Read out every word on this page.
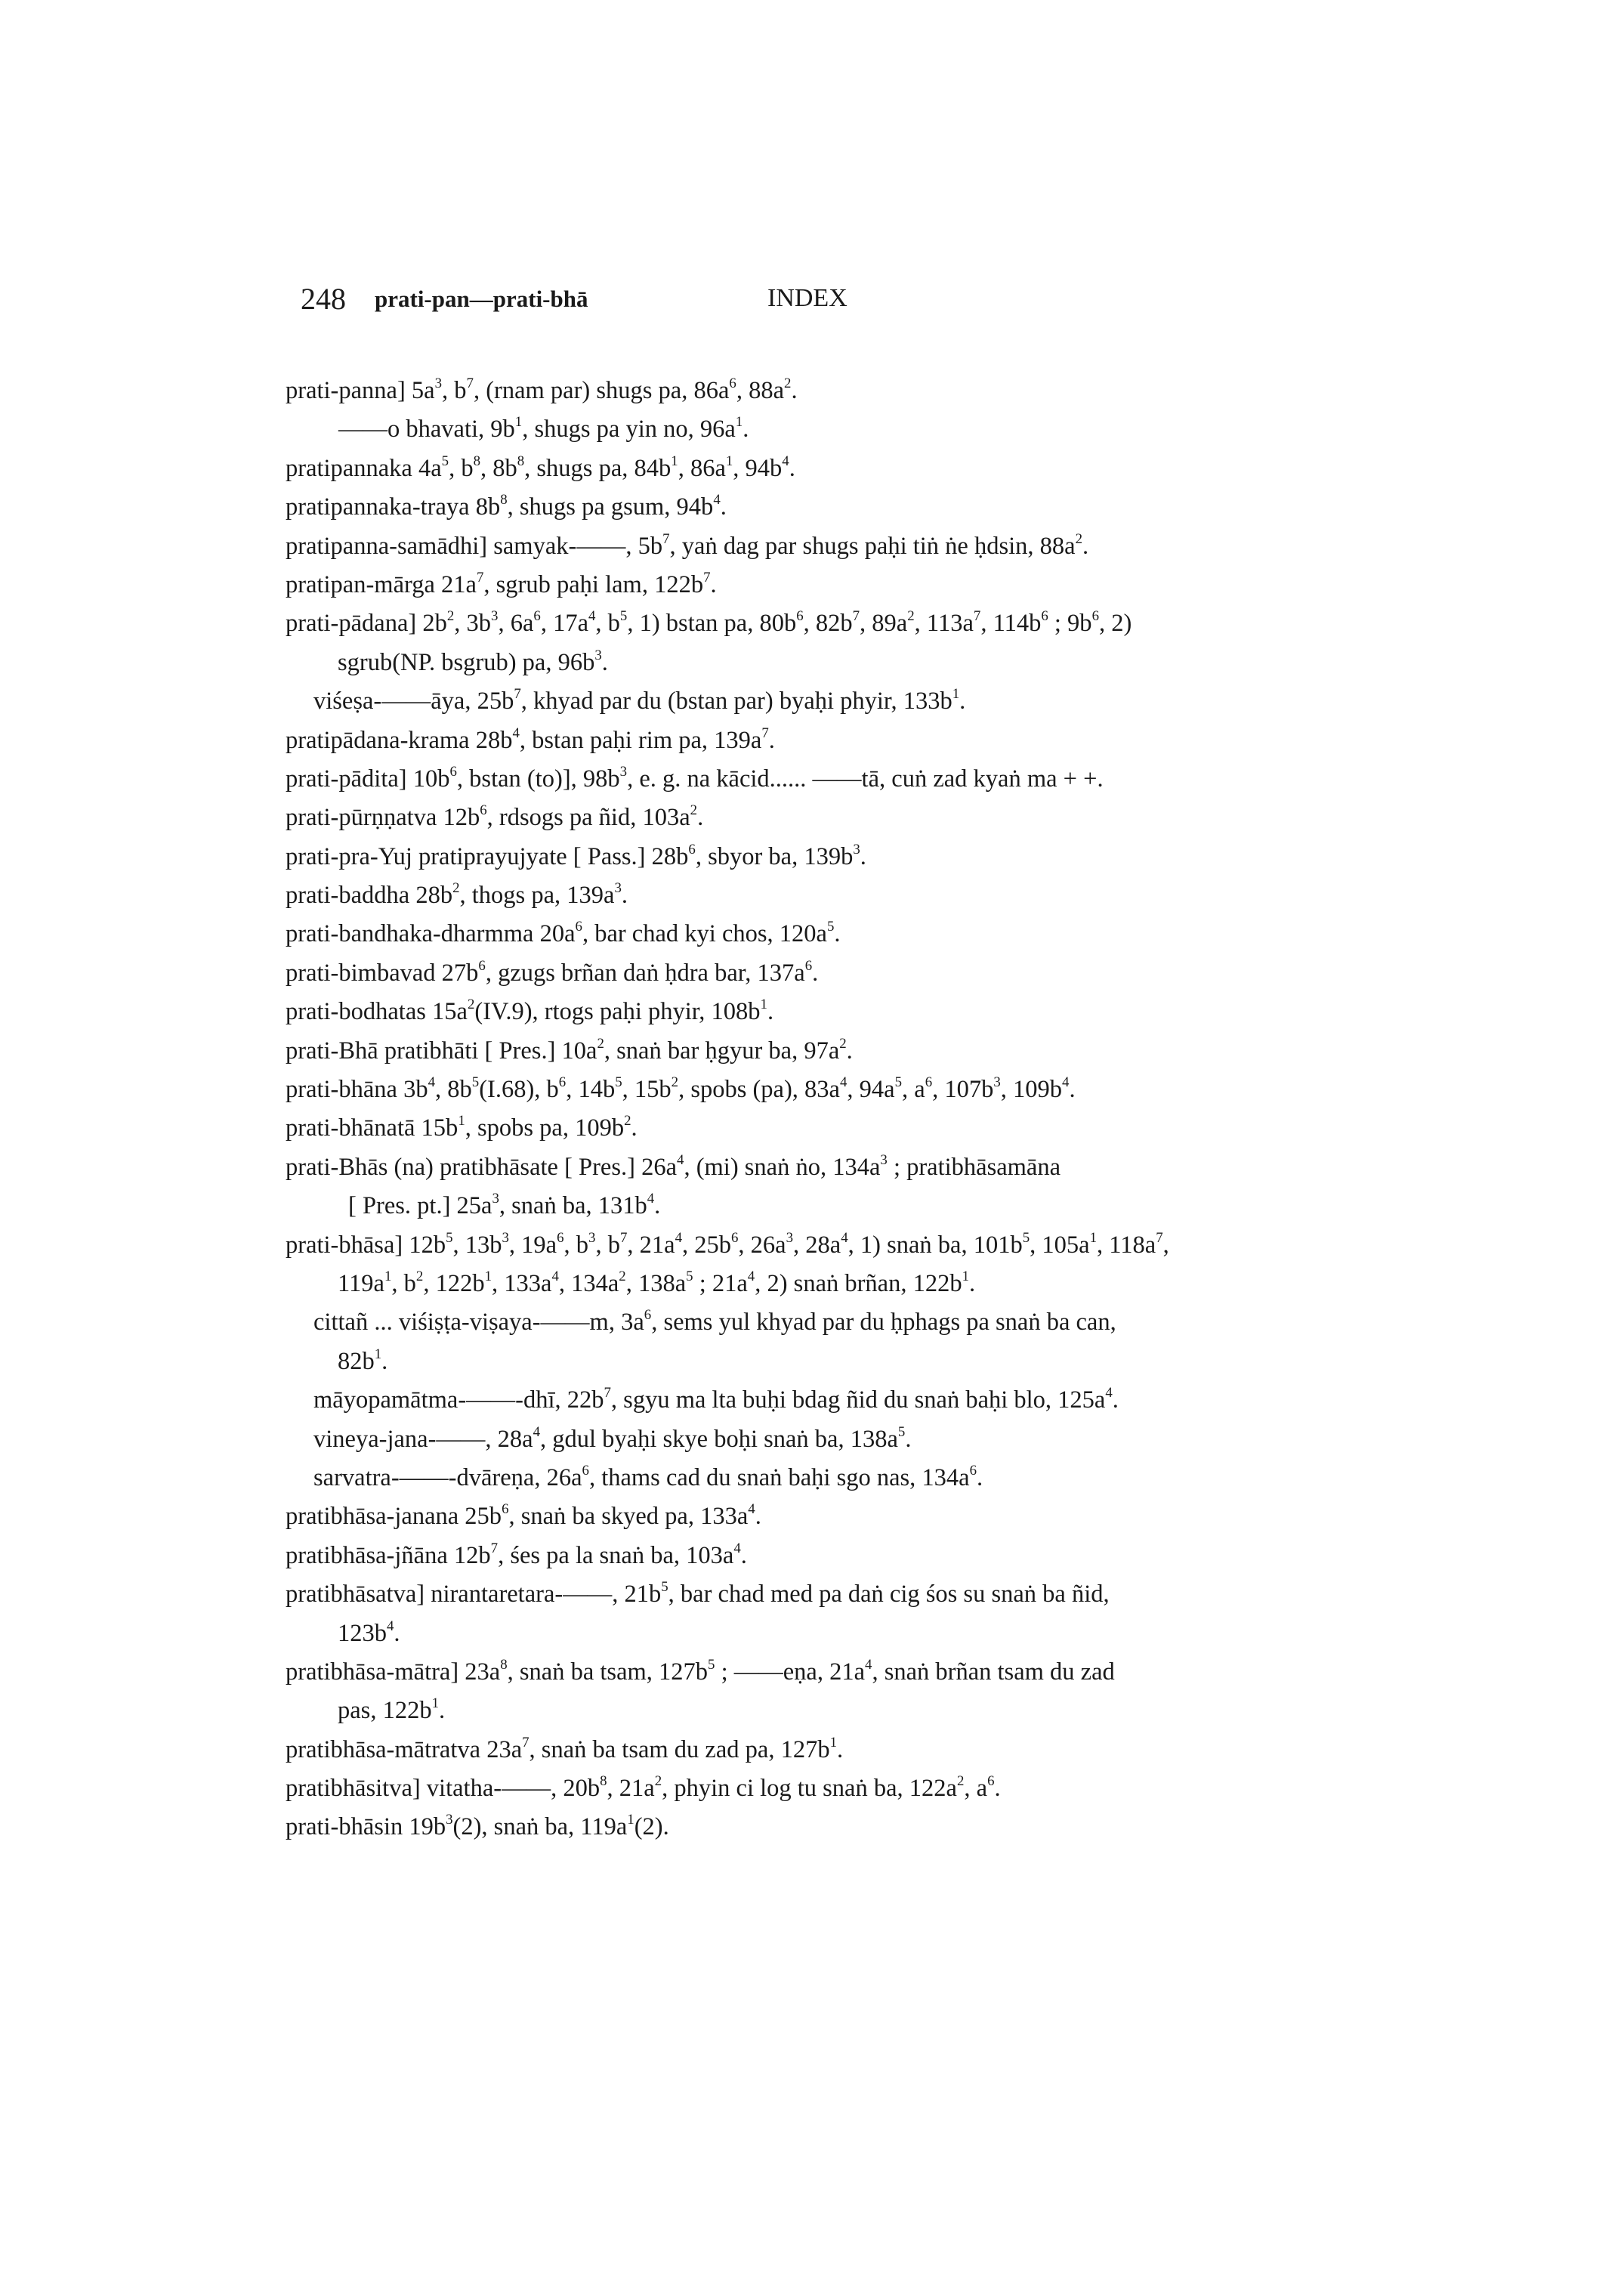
248 prati-pan—prati-bhā	INDEX
prati-panna] $5a^3$, $b^7$, (rnam par) shugs pa, $86a^6$, $88a^2$.
——o bhavati, $9b^1$, shugs pa yin no, $96a^1$.
pratipannaka $4a^5$, $b^8$, $8b^8$, shugs pa, $84b^1$, $86a^1$, $94b^4$.
pratipannaka-traya $8b^8$, shugs pa gsum, $94b^4$.
pratipanna-samādhi] samyak-——, $5b^7$, yaṅ dag par shugs paḥi tiṅ ṅe ḥdsin, $88a^2$.
pratipan-mārga $21a^7$, sgrub paḥi lam, $122b^7$.
prati-pādana] $2b^2$, $3b^3$, $6a^6$, $17a^4$, $b^5$, 1) bstan pa, $80b^6$, $82b^7$, $89a^2$, $113a^7$, $114b^6$ ; $9b^6$, 2)
sgrub(NP. bsgrub) pa, $96b^3$.
viśeṣa-——āya, $25b^7$, khyad par du (bstan par) byaḥi phyir, $133b^1$.
pratipādana-krama $28b^4$, bstan paḥi rim pa, $139a^7$.
prati-pādita] $10b^6$, bstan (to)], $98b^3$, e. g. na kācid...... ——tā, cuṅ zad kyaṅ ma + +.
prati-pūrṇṇatva $12b^6$, rdsogs pa ñid, $103a^2$.
prati-pra-Yuj pratiprayujyate [ Pass.] $28b^6$, sbyor ba, $139b^3$.
prati-baddha $28b^2$, thogs pa, $139a^3$.
prati-bandhaka-dharmma $20a^6$, bar chad kyi chos, $120a^5$.
prati-bimbavad $27b^6$, gzugs brñan daṅ ḥdra bar, $137a^6$.
prati-bodhatas $15a^2(IV.9)$, rtogs paḥi phyir, $108b^1$.
prati-Bhā pratibhāti [ Pres.] $10a^2$, snaṅ bar ḥgyur ba, $97a^2$.
prati-bhāna $3b^4$, $8b^5(I.68)$, $b^6$, $14b^5$, $15b^2$, spobs (pa), $83a^4$, $94a^5$, $a^6$, $107b^3$, $109b^4$.
prati-bhānatā $15b^1$, spobs pa, $109b^2$.
prati-Bhās (na) pratibhāsate [ Pres.] $26a^4$, (mi) snaṅ ṅo, $134a^3$ ; pratibhāsamāna
[ Pres. pt.] $25a^3$, snaṅ ba, $131b^4$.
prati-bhāsa] $12b^5$, $13b^3$, $19a^6$, $b^3$, $b^7$, $21a^4$, $25b^6$, $26a^3$, $28a^4$, 1) snaṅ ba, $101b^5$, $105a^1$, $118a^7$,
$119a^1$, $b^2$, $122b^1$, $133a^4$, $134a^2$, $138a^5$ ; $21a^4$, 2) snaṅ brñan, $122b^1$.
cittañ ... viśiṣṭa-viṣaya-——m, $3a^6$, sems yul khyad par du ḥphags pa snaṅ ba can,
$82b^1$.
māyopamātma-——-dhī, $22b^7$, sgyu ma lta buḥi bdag ñid du snaṅ baḥi blo, $125a^4$.
vineya-jana-——, $28a^4$, gdul byaḥi skye boḥi snaṅ ba, $138a^5$.
sarvatra-——-dvāreṇa, $26a^6$, thams cad du snaṅ baḥi sgo nas, $134a^6$.
pratibhāsa-janana $25b^6$, snaṅ ba skyed pa, $133a^4$.
pratibhāsa-jñāna $12b^7$, śes pa la snaṅ ba, $103a^4$.
pratibhāsatva] nirantaretara-——, $21b^5$, bar chad med pa daṅ cig śos su snaṅ ba ñid,
$123b^4$.
pratibhāsa-mātra] $23a^8$, snaṅ ba tsam, $127b^5$ ; ——eṇa, $21a^4$, snaṅ brñan tsam du zad
pas, $122b^1$.
pratibhāsa-mātratva $23a^7$, snaṅ ba tsam du zad pa, $127b^1$.
pratibhāsitva] vitatha-——, $20b^8$, $21a^2$, phyin ci log tu snaṅ ba, $122a^2$, $a^6$.
prati-bhāsin $19b^3(2)$, snaṅ ba, $119a^1(2)$.
